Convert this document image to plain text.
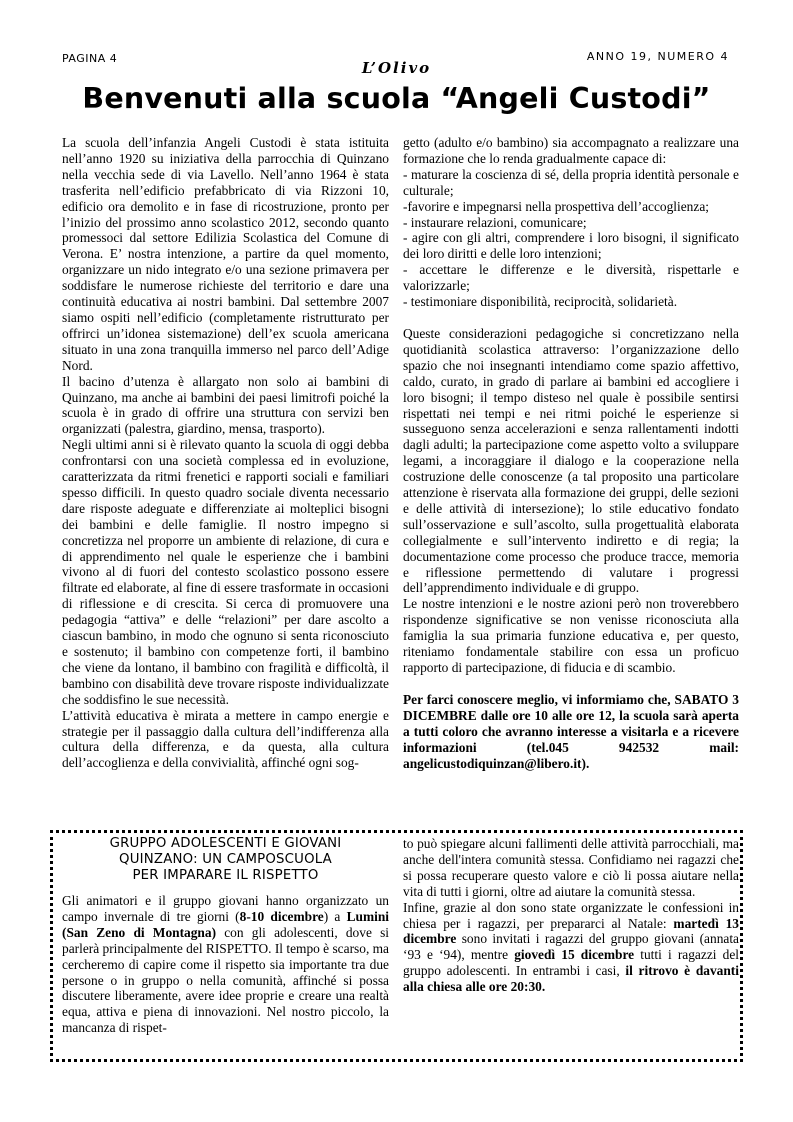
PAGINA 4	ANNO 19, NUMERO 4
L’Olivo
Benvenuti alla scuola “Angeli Custodi”

La scuola dell’infanzia Angeli Custodi è stata istituita nell’anno 1920 su iniziativa della parrocchia di Quinzano nella vecchia sede di via Lavello. Nell’anno 1964 è stata trasferita nell’edificio prefabbricato di via Rizzoni 10, edificio ora demolito e in fase di ricostruzione, pronto per l’inizio del prossimo anno scolastico 2012, secondo quanto promessoci dal settore Edilizia Scolastica del Comune di Verona. E’ nostra intenzione, a partire da quel momento, organizzare un nido integrato e/o una sezione primavera per soddisfare le numerose richieste del territorio e dare una continuità educativa ai nostri bambini. Dal settembre 2007 siamo ospiti nell’edificio (completamente ristrutturato per offrirci un’idonea sistemazione) dell’ex scuola americana situato in una zona tranquilla immerso nel parco dell’Adige Nord.

Il bacino d’utenza è allargato non solo ai bambini di Quinzano, ma anche ai bambini dei paesi limitrofi poiché la scuola è in grado di offrire una struttura con servizi ben organizzati (palestra, giardino, mensa, trasporto).

Negli ultimi anni si è rilevato quanto la scuola di oggi debba confrontarsi con una società complessa ed in evoluzione, caratterizzata da ritmi frenetici e rapporti sociali e familiari spesso difficili. In questo quadro sociale diventa necessario dare risposte adeguate e differenziate ai molteplici bisogni dei bambini e delle famiglie. Il nostro impegno si concretizza nel proporre un ambiente di relazione, di cura e di apprendimento nel quale le esperienze che i bambini vivono al di fuori del contesto scolastico possono essere filtrate ed elaborate, al fine di essere trasformate in occasioni di riflessione e di crescita. Si cerca di promuovere una pedagogia “attiva” e delle “relazioni” per dare ascolto a ciascun bambino, in modo che ognuno si senta riconosciuto e sostenuto; il bambino con competenze forti, il bambino che viene da lontano, il bambino con fragilità e difficoltà, il bambino con disabilità deve trovare risposte individualizzate che soddisfino le sue necessità.

L’attività educativa è mirata a mettere in campo energie e strategie per il passaggio dalla cultura dell’indifferenza alla cultura della differenza, e da questa, alla cultura dell’accoglienza e della convivialità, affinché ogni sog-

getto (adulto e/o bambino) sia accompagnato a realizzare una formazione che lo renda gradualmente capace di:

- maturare la coscienza di sé, della propria identità personale e culturale;

-favorire e impegnarsi nella prospettiva dell’accoglienza;

- instaurare relazioni, comunicare;

- agire con gli altri, comprendere i loro bisogni, il significato dei loro diritti e delle loro intenzioni;

- accettare le differenze e le diversità, rispettarle e valorizzarle;

- testimoniare disponibilità, reciprocità, solidarietà.

Queste considerazioni pedagogiche si concretizzano nella quotidianità scolastica attraverso: l’organizzazione dello spazio che noi insegnanti intendiamo come spazio affettivo, caldo, curato, in grado di parlare ai bambini ed accogliere i loro bisogni; il tempo disteso nel quale è possibile sentirsi rispettati nei tempi e nei ritmi poiché le esperienze si susseguono senza accelerazioni e senza rallentamenti indotti dagli adulti; la partecipazione come aspetto volto a sviluppare legami, a incoraggiare il dialogo e la cooperazione nella costruzione delle conoscenze (a tal proposito una particolare attenzione è riservata alla formazione dei gruppi, delle sezioni e delle attività di intersezione); lo stile educativo fondato sull’osservazione e sull’ascolto, sulla progettualità elaborata collegialmente e sull’intervento indiretto e di regia; la documentazione come processo che produce tracce, memoria e riflessione permettendo di valutare i progressi dell’apprendimento individuale e di gruppo.

Le nostre intenzioni e le nostre azioni però non troverebbero rispondenze significative se non venisse riconosciuta alla famiglia la sua primaria funzione educativa e, per questo, riteniamo fondamentale stabilire con essa un proficuo rapporto di partecipazione, di fiducia e di scambio.

Per farci conoscere meglio, vi informiamo che, SABATO 3 DICEMBRE dalle ore 10 alle ore 12, la scuola sarà aperta a tutti coloro che avranno interesse a visitarla e a ricevere informazioni (tel.045 942532 mail: angelicustodiquinzan@libero.it).

GRUPPO ADOLESCENTI E GIOVANI
QUINZANO: UN CAMPOSCUOLA
PER IMPARARE IL RISPETTO

Gli animatori e il gruppo giovani hanno organizzato un campo invernale di tre giorni (8-10 dicembre) a Lumini (San Zeno di Montagna) con gli adolescenti, dove si parlerà principalmente del RISPETTO. Il tempo è scarso, ma cercheremo di capire come il rispetto sia importante tra due persone o in gruppo o nella comunità, affinché si possa discutere liberamente, avere idee proprie e creare una realtà equa, attiva e piena di innovazioni. Nel nostro piccolo, la mancanza di rispet-

to può spiegare alcuni fallimenti delle attività parrocchiali, ma anche dell'intera comunità stessa. Confidiamo nei ragazzi che si possa recuperare questo valore e ciò li possa aiutare nella vita di tutti i giorni, oltre ad aiutare la comunità stessa.

Infine, grazie al don sono state organizzate le confessioni in chiesa per i ragazzi, per prepararci al Natale: martedì 13 dicembre sono invitati i ragazzi del gruppo giovani (annata ‘93 e ‘94), mentre giovedì 15 dicembre tutti i ragazzi del gruppo adolescenti. In entrambi i casi, il ritrovo è davanti alla chiesa alle ore 20:30.
